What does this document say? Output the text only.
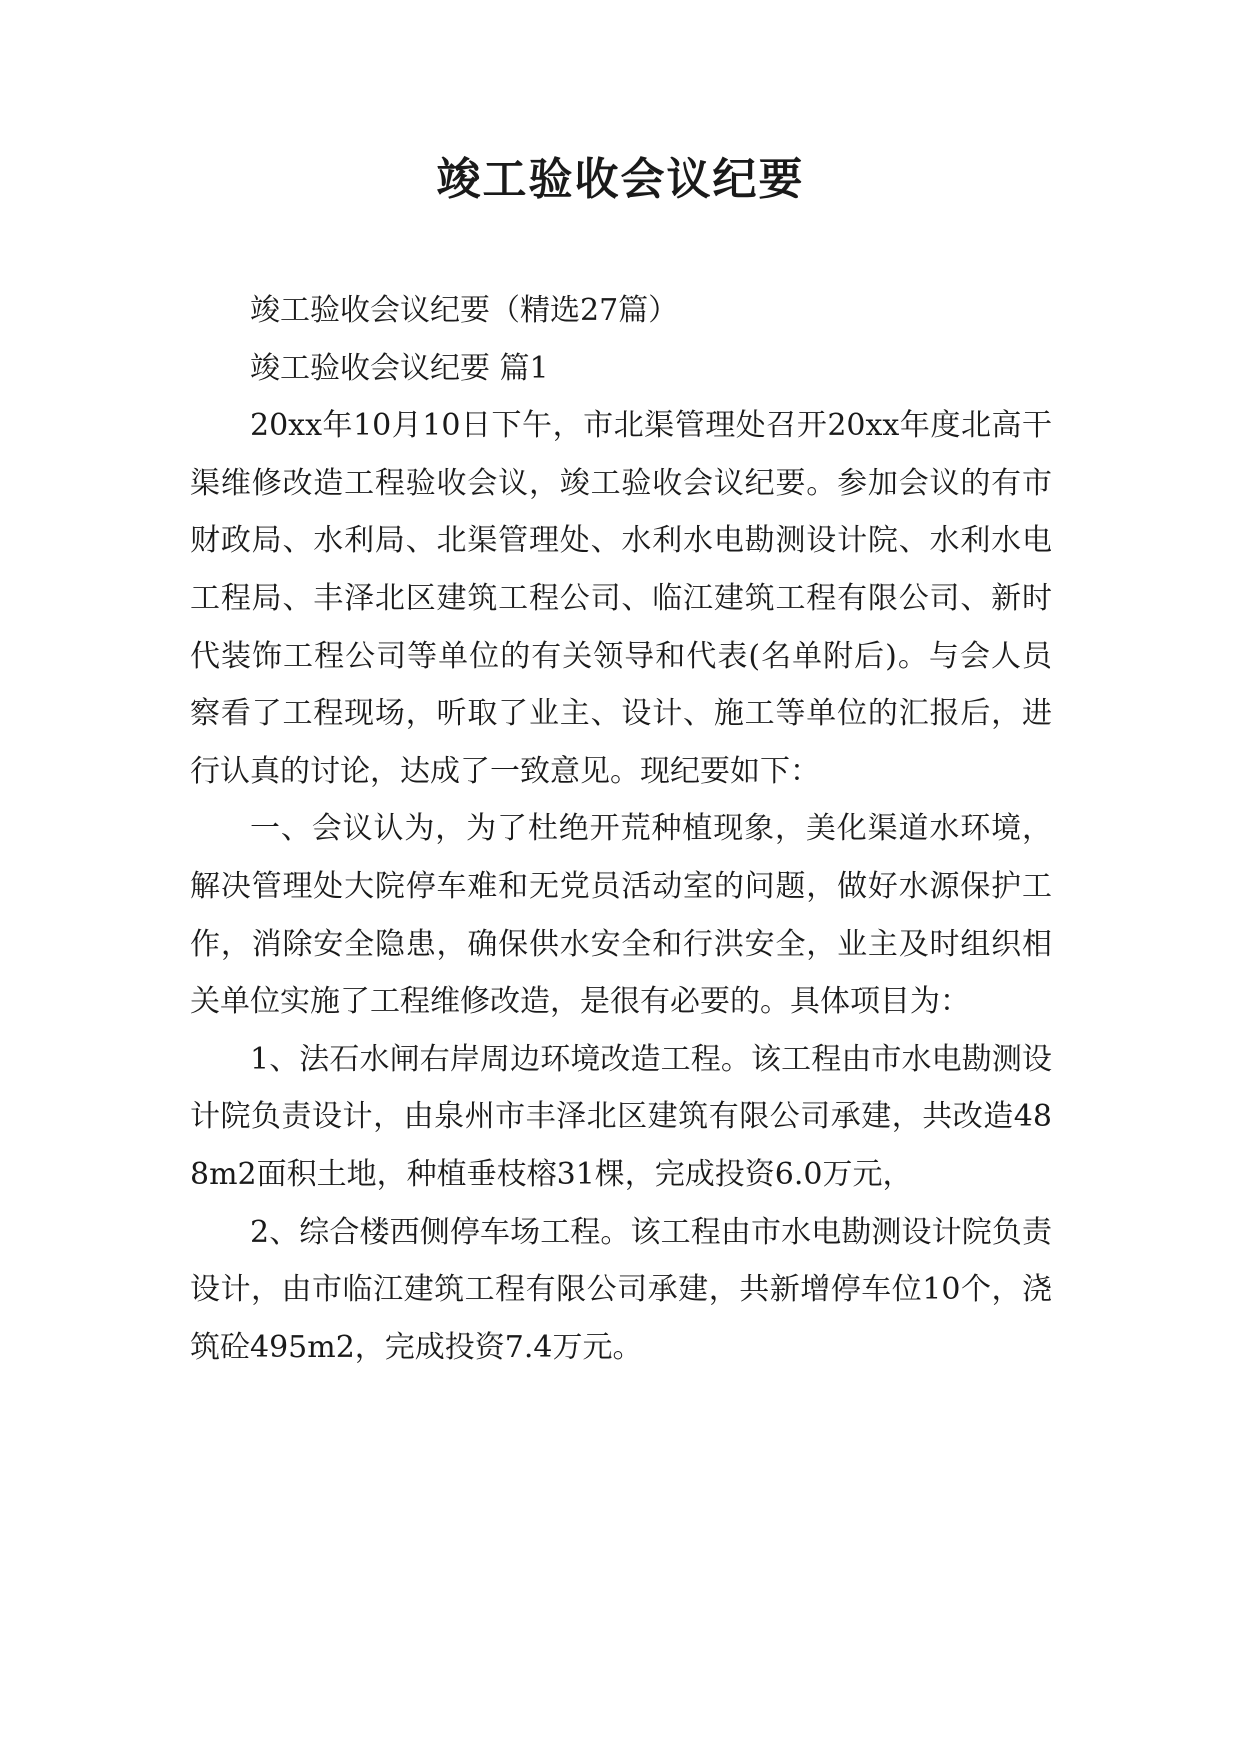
竣工验收会议纪要

竣工验收会议纪要（精选27篇）

竣工验收会议纪要 篇1

20xx年10月10日下午，市北渠管理处召开20xx年度北高干渠维修改造工程验收会议，竣工验收会议纪要。参加会议的有市财政局、水利局、北渠管理处、水利水电勘测设计院、水利水电工程局、丰泽北区建筑工程公司、临江建筑工程有限公司、新时代装饰工程公司等单位的有关领导和代表(名单附后)。与会人员察看了工程现场，听取了业主、设计、施工等单位的汇报后，进行认真的讨论，达成了一致意见。现纪要如下：

一、会议认为，为了杜绝开荒种植现象，美化渠道水环境，解决管理处大院停车难和无党员活动室的问题，做好水源保护工作，消除安全隐患，确保供水安全和行洪安全，业主及时组织相关单位实施了工程维修改造，是很有必要的。具体项目为：

1、法石水闸右岸周边环境改造工程。该工程由市水电勘测设计院负责设计，由泉州市丰泽北区建筑有限公司承建，共改造488m2面积土地，种植垂枝榕31棵，完成投资6.0万元，

2、综合楼西侧停车场工程。该工程由市水电勘测设计院负责设计，由市临江建筑工程有限公司承建，共新增停车位10个，浇筑砼495m2，完成投资7.4万元。
